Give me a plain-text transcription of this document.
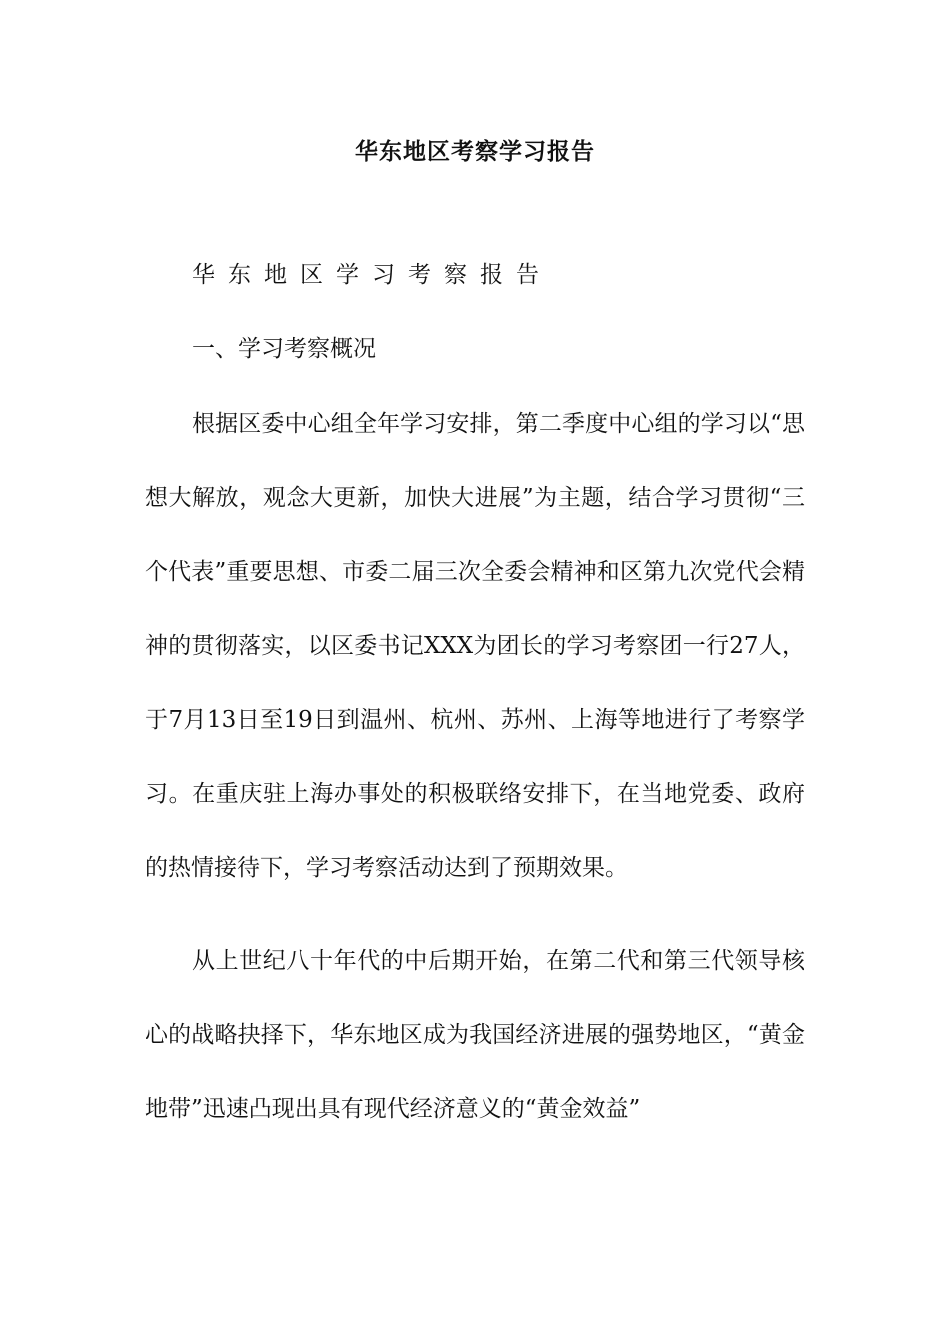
华东地区考察学习报告
华东地区学习考察报告
一、学习考察概况

根据区委中心组全年学习安排，第二季度中心组的学习以“思想大解放，观念大更新，加快大进展”为主题，结合学习贯彻“三个代表”重要思想、市委二届三次全委会精神和区第九次党代会精神的贯彻落实，以区委书记XXX为团长的学习考察团一行27人，于7月13日至19日到温州、杭州、苏州、上海等地进行了考察学习。在重庆驻上海办事处的积极联络安排下，在当地党委、政府的热情接待下，学习考察活动达到了预期效果。

从上世纪八十年代的中后期开始，在第二代和第三代领导核心的战略抉择下，华东地区成为我国经济进展的强势地区，“黄金地带”迅速凸现出具有现代经济意义的“黄金效益”
